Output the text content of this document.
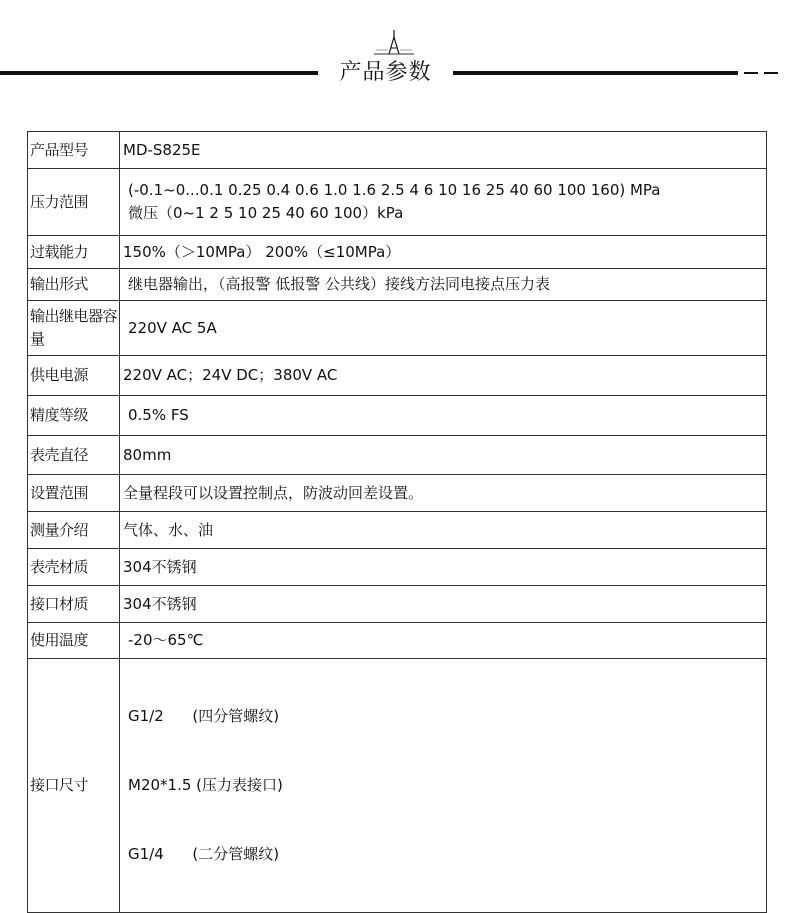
产品参数
产品型号	MD-S825E

压力范围	(-0.1~0...0.1 0.25 0.4 0.6 1.0 1.6 2.5 4 6 10 16 25 40 60 100 160) MPa
微压（0~1 2 5 10 25 40 60 100）kPa

过载能力	150%（＞10MPa） 200%（≤10MPa）

输出形式	继电器输出，（高报警 低报警 公共线）接线方法同电接点压力表

输出继电器容量	220V AC 5A

供电电源	220V AC；24V DC；380V AC

精度等级	0.5% FS

表壳直径	80mm

设置范围	全量程段可以设置控制点，防波动回差设置。

测量介绍	气体、水、油

表壳材质	304不锈钢

接口材质	304不锈钢

使用温度	-20～65℃

接口尺寸	G1/2      (四分管螺纹)

M20*1.5 (压力表接口)

G1/4      (二分管螺纹)
